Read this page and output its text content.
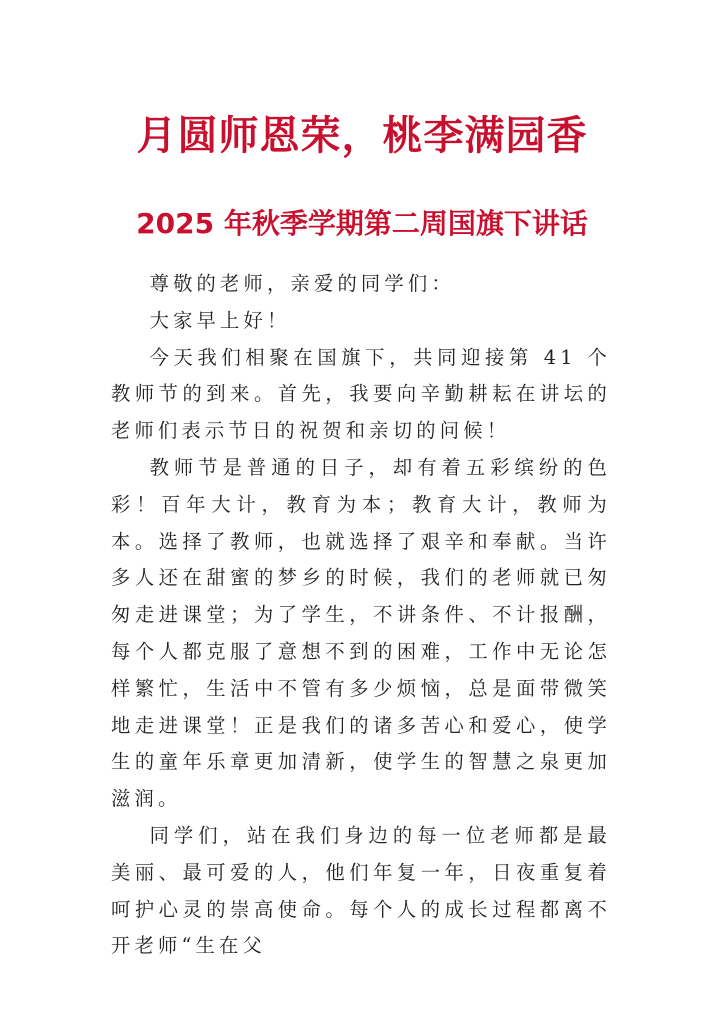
月圆师恩荣，桃李满园香
2025 年秋季学期第二周国旗下讲话

尊敬的老师，亲爱的同学们：

大家早上好！

今天我们相聚在国旗下，共同迎接第 41 个教师节的到来。首先，我要向辛勤耕耘在讲坛的老师们表示节日的祝贺和亲切的问候！

教师节是普通的日子，却有着五彩缤纷的色彩！百年大计，教育为本；教育大计，教师为本。选择了教师，也就选择了艰辛和奉献。当许多人还在甜蜜的梦乡的时候，我们的老师就已匆匆走进课堂；为了学生，不讲条件、不计报酬，每个人都克服了意想不到的困难，工作中无论怎样繁忙，生活中不管有多少烦恼，总是面带微笑地走进课堂！正是我们的诸多苦心和爱心，使学生的童年乐章更加清新，使学生的智慧之泉更加滋润。

同学们，站在我们身边的每一位老师都是最美丽、最可爱的人，他们年复一年，日夜重复着呵护心灵的崇高使命。每个人的成长过程都离不开老师“生在父
